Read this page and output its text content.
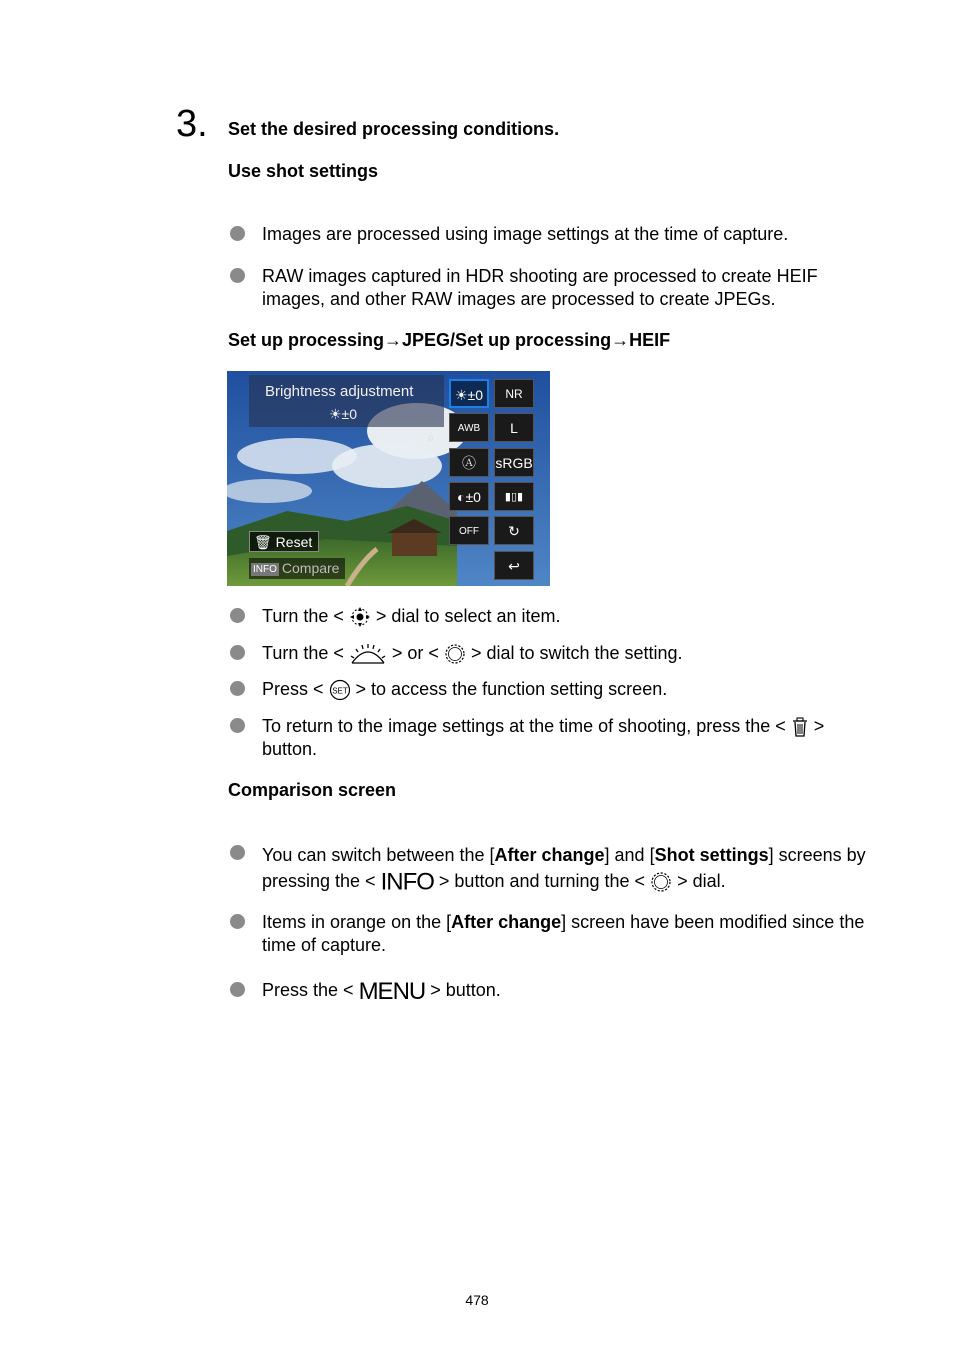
3. Set the desired processing conditions.
Use shot settings
Images are processed using image settings at the time of capture.
RAW images captured in HDR shooting are processed to create HEIF images, and other RAW images are processed to create JPEGs.
Set up processing→JPEG/Set up processing→HEIF
Brightness adjustment
☀±0
⌕
☀±0	NR
AWB	L
Ⓐ	sRGB
◐±0	▮▯▮
OFF	↻
↩
🗑 Reset
INFO Compare
Turn the <  > dial to select an item.
Turn the <  > or <  > dial to switch the setting.
Press < SET > to access the function setting screen.
To return to the image settings at the time of shooting, press the <  > button.
Comparison screen
You can switch between the [After change] and [Shot settings] screens by pressing the < INFO > button and turning the <  > dial.
Items in orange on the [After change] screen have been modified since the time of capture.
Press the < MENU > button.
478
